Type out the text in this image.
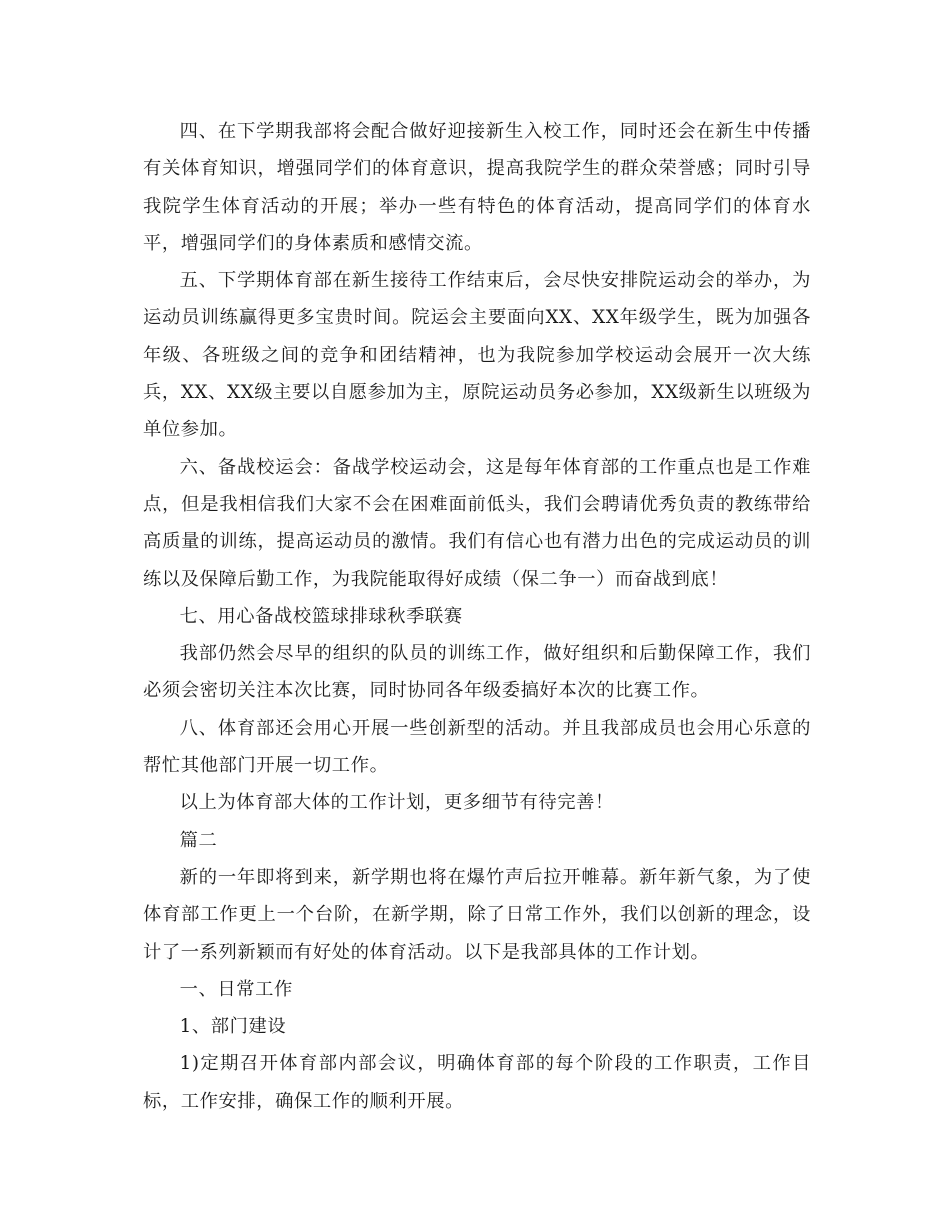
四、在下学期我部将会配合做好迎接新生入校工作，同时还会在新生中传播有关体育知识，增强同学们的体育意识，提高我院学生的群众荣誉感；同时引导我院学生体育活动的开展；举办一些有特色的体育活动，提高同学们的体育水平，增强同学们的身体素质和感情交流。

五、下学期体育部在新生接待工作结束后，会尽快安排院运动会的举办，为运动员训练赢得更多宝贵时间。院运会主要面向XX、XX年级学生，既为加强各年级、各班级之间的竞争和团结精神，也为我院参加学校运动会展开一次大练兵，XX、XX级主要以自愿参加为主，原院运动员务必参加，XX级新生以班级为单位参加。

六、备战校运会：备战学校运动会，这是每年体育部的工作重点也是工作难点，但是我相信我们大家不会在困难面前低头，我们会聘请优秀负责的教练带给高质量的训练，提高运动员的激情。我们有信心也有潜力出色的完成运动员的训练以及保障后勤工作，为我院能取得好成绩（保二争一）而奋战到底！

七、用心备战校篮球排球秋季联赛

我部仍然会尽早的组织的队员的训练工作，做好组织和后勤保障工作，我们必须会密切关注本次比赛，同时协同各年级委搞好本次的比赛工作。

八、体育部还会用心开展一些创新型的活动。并且我部成员也会用心乐意的帮忙其他部门开展一切工作。

以上为体育部大体的工作计划，更多细节有待完善！

篇二

新的一年即将到来，新学期也将在爆竹声后拉开帷幕。新年新气象，为了使体育部工作更上一个台阶，在新学期，除了日常工作外，我们以创新的理念，设计了一系列新颖而有好处的体育活动。以下是我部具体的工作计划。

一、日常工作

1、部门建设

1)定期召开体育部内部会议，明确体育部的每个阶段的工作职责，工作目标，工作安排，确保工作的顺利开展。
